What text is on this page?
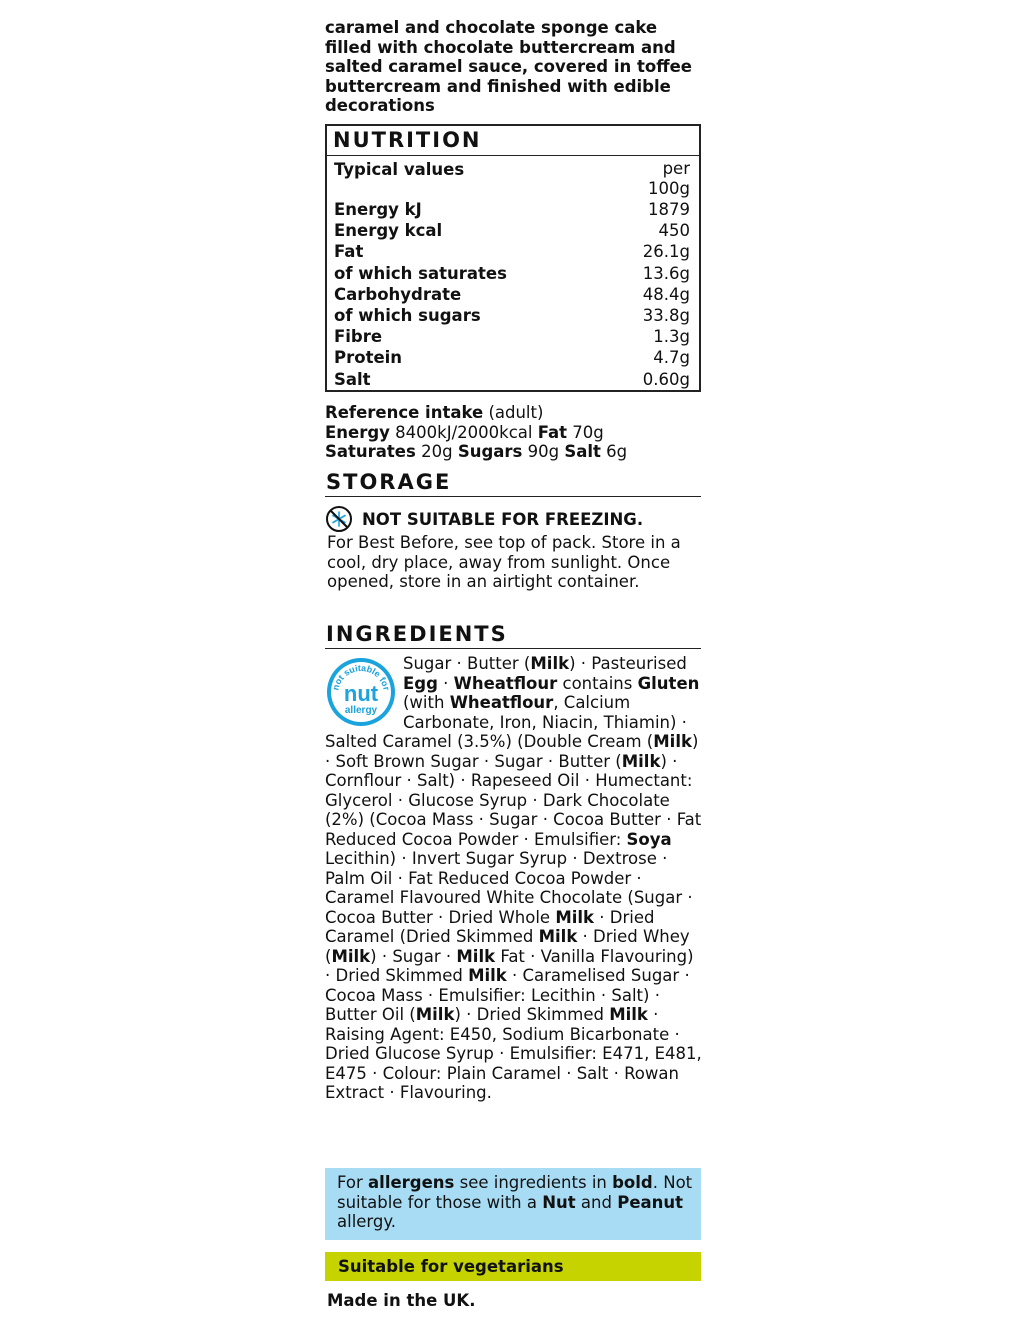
caramel and chocolate sponge cake filled with chocolate buttercream and salted caramel sauce, covered in toffee buttercream and finished with edible decorations
NUTRITION
Typical values	per
100g
Energy kJ	1879
Energy kcal	450
Fat	26.1g
of which saturates	13.6g
Carbohydrate	48.4g
of which sugars	33.8g
Fibre	1.3g
Protein	4.7g
Salt	0.60g
Reference intake (adult)
Energy 8400kJ/2000kcal Fat 70g
Saturates 20g Sugars 90g Salt 6g
STORAGE
NOT SUITABLE FOR FREEZING.
For Best Before, see top of pack. Store in a cool, dry place, away from sunlight. Once opened, store in an airtight container.
INGREDIENTS
not suitable for
nut
allergy
Sugar · Butter (Milk) · Pasteurised Egg · Wheatflour contains Gluten (with Wheatflour, Calcium Carbonate, Iron, Niacin, Thiamin) · Salted Caramel (3.5%) (Double Cream (Milk) · Soft Brown Sugar · Sugar · Butter (Milk) · Cornflour · Salt) · Rapeseed Oil · Humectant: Glycerol · Glucose Syrup · Dark Chocolate (2%) (Cocoa Mass · Sugar · Cocoa Butter · Fat Reduced Cocoa Powder · Emulsifier: Soya Lecithin) · Invert Sugar Syrup · Dextrose · Palm Oil · Fat Reduced Cocoa Powder · Caramel Flavoured White Chocolate (Sugar · Cocoa Butter · Dried Whole Milk · Dried Caramel (Dried Skimmed Milk · Dried Whey (Milk) · Sugar · Milk Fat · Vanilla Flavouring) · Dried Skimmed Milk · Caramelised Sugar · Cocoa Mass · Emulsifier: Lecithin · Salt) · Butter Oil (Milk) · Dried Skimmed Milk · Raising Agent: E450, Sodium Bicarbonate · Dried Glucose Syrup · Emulsifier: E471, E481, E475 · Colour: Plain Caramel · Salt · Rowan Extract · Flavouring.
For allergens see ingredients in bold. Not suitable for those with a Nut and Peanut allergy.
Suitable for vegetarians
Made in the UK.
